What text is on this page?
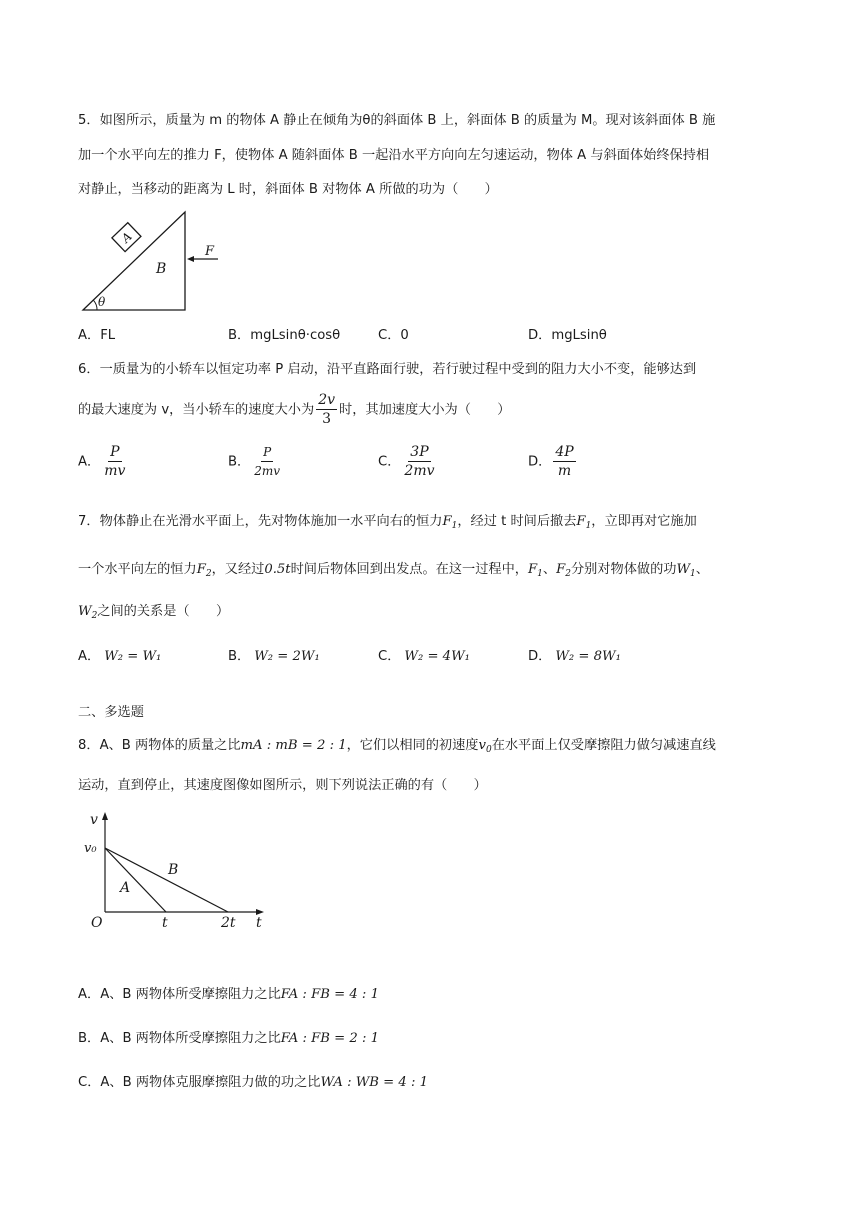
5．如图所示，质量为 m 的物体 A 静止在倾角为θ的斜面体 B 上，斜面体 B 的质量为 M。现对该斜面体 B 施
加一个水平向左的推力 F，使物体 A 随斜面体 B 一起沿水平方向向左匀速运动，物体 A 与斜面体始终保持相
对静止，当移动的距离为 L 时，斜面体 B 对物体 A 所做的功为（　　）
A
B
θ
F
A．FL	B．mgLsinθ·cosθ	C．0	D．mgLsinθ
6．一质量为的小轿车以恒定功率 P 启动，沿平直路面行驶，若行驶过程中受到的阻力大小不变，能够达到
的最大速度为 v，当小轿车的速度大小为 $\frac{2v}{3}$ 时，其加速度大小为（　　）
A． $\frac{P}{mv}$	B． $\frac{P}{2mv}$	C． $\frac{3P}{2mv}$	D． $\frac{4P}{m}$
7．物体静止在光滑水平面上，先对物体施加一水平向右的恒力$F_1$，经过 t 时间后撤去$F_1$，立即再对它施加
一个水平向左的恒力$F_2$，又经过0.5t时间后物体回到出发点。在这一过程中，$F_1$、$F_2$分别对物体做的功$W_1$、
$W_2$之间的关系是（　　）
A． W₂ = W₁	B． W₂ = 2W₁	C． W₂ = 4W₁	D． W₂ = 8W₁
二、多选题
8．A、B 两物体的质量之比mA : mB = 2 : 1，它们以相同的初速度$v_0$在水平面上仅受摩擦阻力做匀减速直线
运动，直到停止，其速度图像如图所示，则下列说法正确的有（　　）
v
v₀
O	t	2t t
A
B
A．A、B 两物体所受摩擦阻力之比FA : FB = 4 : 1
B．A、B 两物体所受摩擦阻力之比FA : FB = 2 : 1
C．A、B 两物体克服摩擦阻力做的功之比WA : WB = 4 : 1
